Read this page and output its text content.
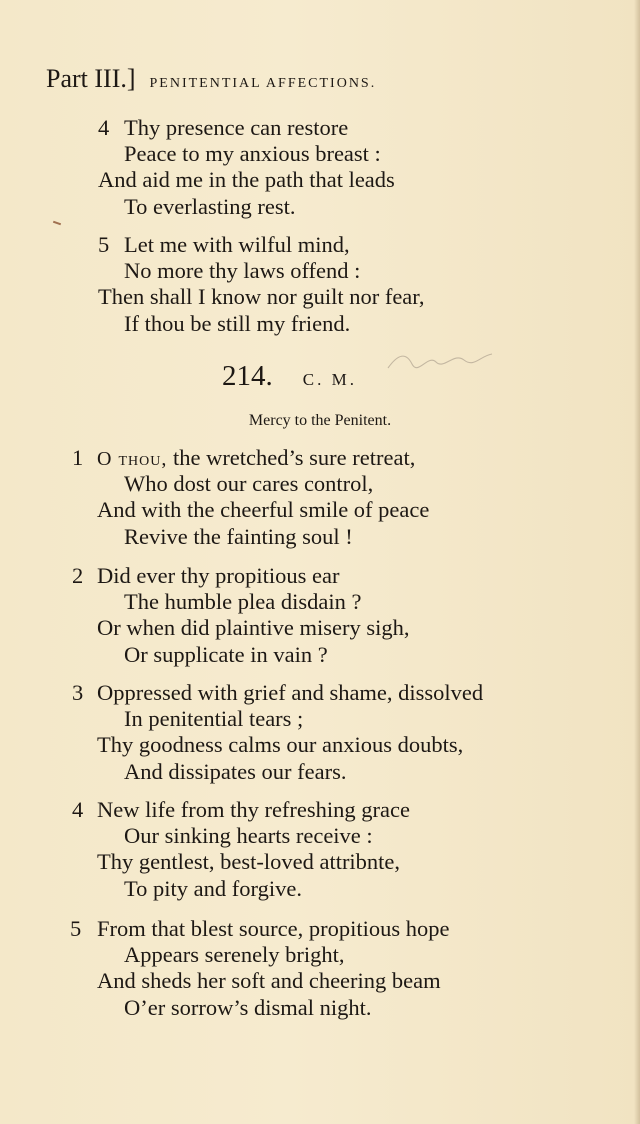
Part III.] PENITENTIAL AFFECTIONS.
4 Thy presence can restore
Peace to my anxious breast :
And aid me in the path that leads
To everlasting rest.
5 Let me with wilful mind,
No more thy laws offend :
Then shall I know nor guilt nor fear,
If thou be still my friend.
214. C. M.
Mercy to the Penitent.
1 O thou, the wretched’s sure retreat,
Who dost our cares control,
And with the cheerful smile of peace
Revive the fainting soul !
2 Did ever thy propitious ear
The humble plea disdain ?
Or when did plaintive misery sigh,
Or supplicate in vain ?
3 Oppressed with grief and shame, dissolved
In penitential tears ;
Thy goodness calms our anxious doubts,
And dissipates our fears.
4 New life from thy refreshing grace
Our sinking hearts receive :
Thy gentlest, best-loved attribnte,
To pity and forgive.
5 From that blest source, propitious hope
Appears serenely bright,
And sheds her soft and cheering beam
O’er sorrow’s dismal night.
